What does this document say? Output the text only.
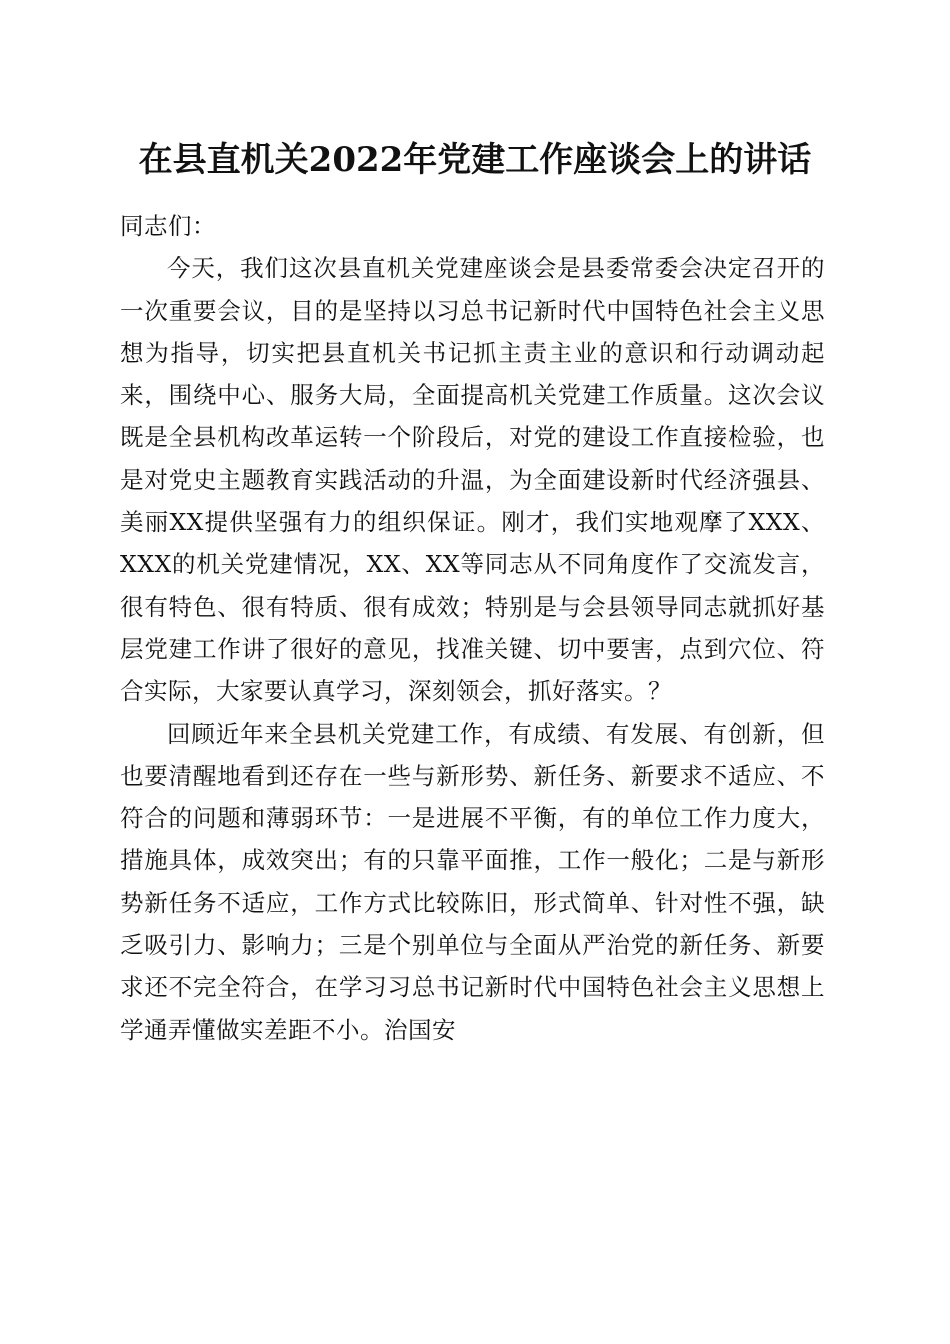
在县直机关2022年党建工作座谈会上的讲话

同志们：

今天，我们这次县直机关党建座谈会是县委常委会决定召开的一次重要会议，目的是坚持以习总书记新时代中国特色社会主义思想为指导，切实把县直机关书记抓主责主业的意识和行动调动起来，围绕中心、服务大局，全面提高机关党建工作质量。这次会议既是全县机构改革运转一个阶段后，对党的建设工作直接检验，也是对党史主题教育实践活动的升温，为全面建设新时代经济强县、美丽XX提供坚强有力的组织保证。刚才，我们实地观摩了XXX、XXX的机关党建情况，XX、XX等同志从不同角度作了交流发言，很有特色、很有特质、很有成效；特别是与会县领导同志就抓好基层党建工作讲了很好的意见，找准关键、切中要害，点到穴位、符合实际，大家要认真学习，深刻领会，抓好落实。？

回顾近年来全县机关党建工作，有成绩、有发展、有创新，但也要清醒地看到还存在一些与新形势、新任务、新要求不适应、不符合的问题和薄弱环节：一是进展不平衡，有的单位工作力度大，措施具体，成效突出；有的只靠平面推，工作一般化；二是与新形势新任务不适应，工作方式比较陈旧，形式简单、针对性不强，缺乏吸引力、影响力；三是个别单位与全面从严治党的新任务、新要求还不完全符合，在学习习总书记新时代中国特色社会主义思想上学通弄懂做实差距不小。治国安
